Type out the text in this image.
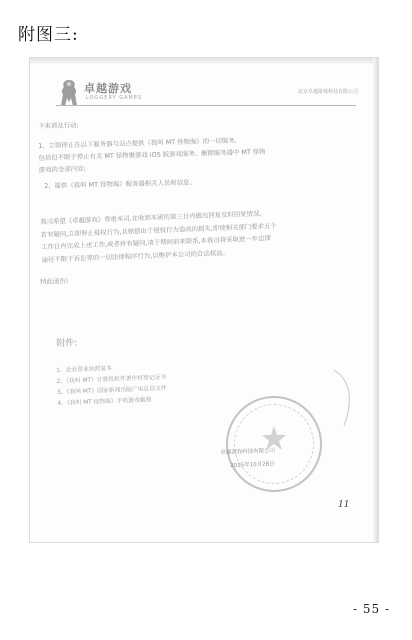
附图三:
卓越游戏
LOGGERY GAMES
北京卓越游戏科技有限公司
下来请及行动:
1、立即停止在以下服务器与站点提供《我叫 MT 怪物海》的一切服务,
包括但不限于停止有关 MT 怪物聚游戏 iOS 版游戏服务、删除服务器中 MT 怪物
游戏的全部内容;
2、提供《我叫 MT 怪物海》服务器相关人员和信息。
我司希望《卓越游戏》尊重本司,在收到本函的第三日内做出回复及时回复情况,
若有疑问,立即停止侵权行为,且赔偿由于侵权行为造成的损失,即使相关部门要求五个
工作日内完成上述工作,或者持有疑问,请于期间前来联系,本我司将采取进一步法律
途径不限于诉讼等的一切法律程序行为,以维护本公司的合法权益。
特此函告!
附件:
1、企业营业执照复本
2、《我叫 MT》计算机软件著作权登记证书
3、《我叫 MT》国家新闻出版广电总局文件
4、《我叫 MT 怪物海》手机游戏截图
卓越游戏科技有限公司
2015年10月28日
11
- 55 -
